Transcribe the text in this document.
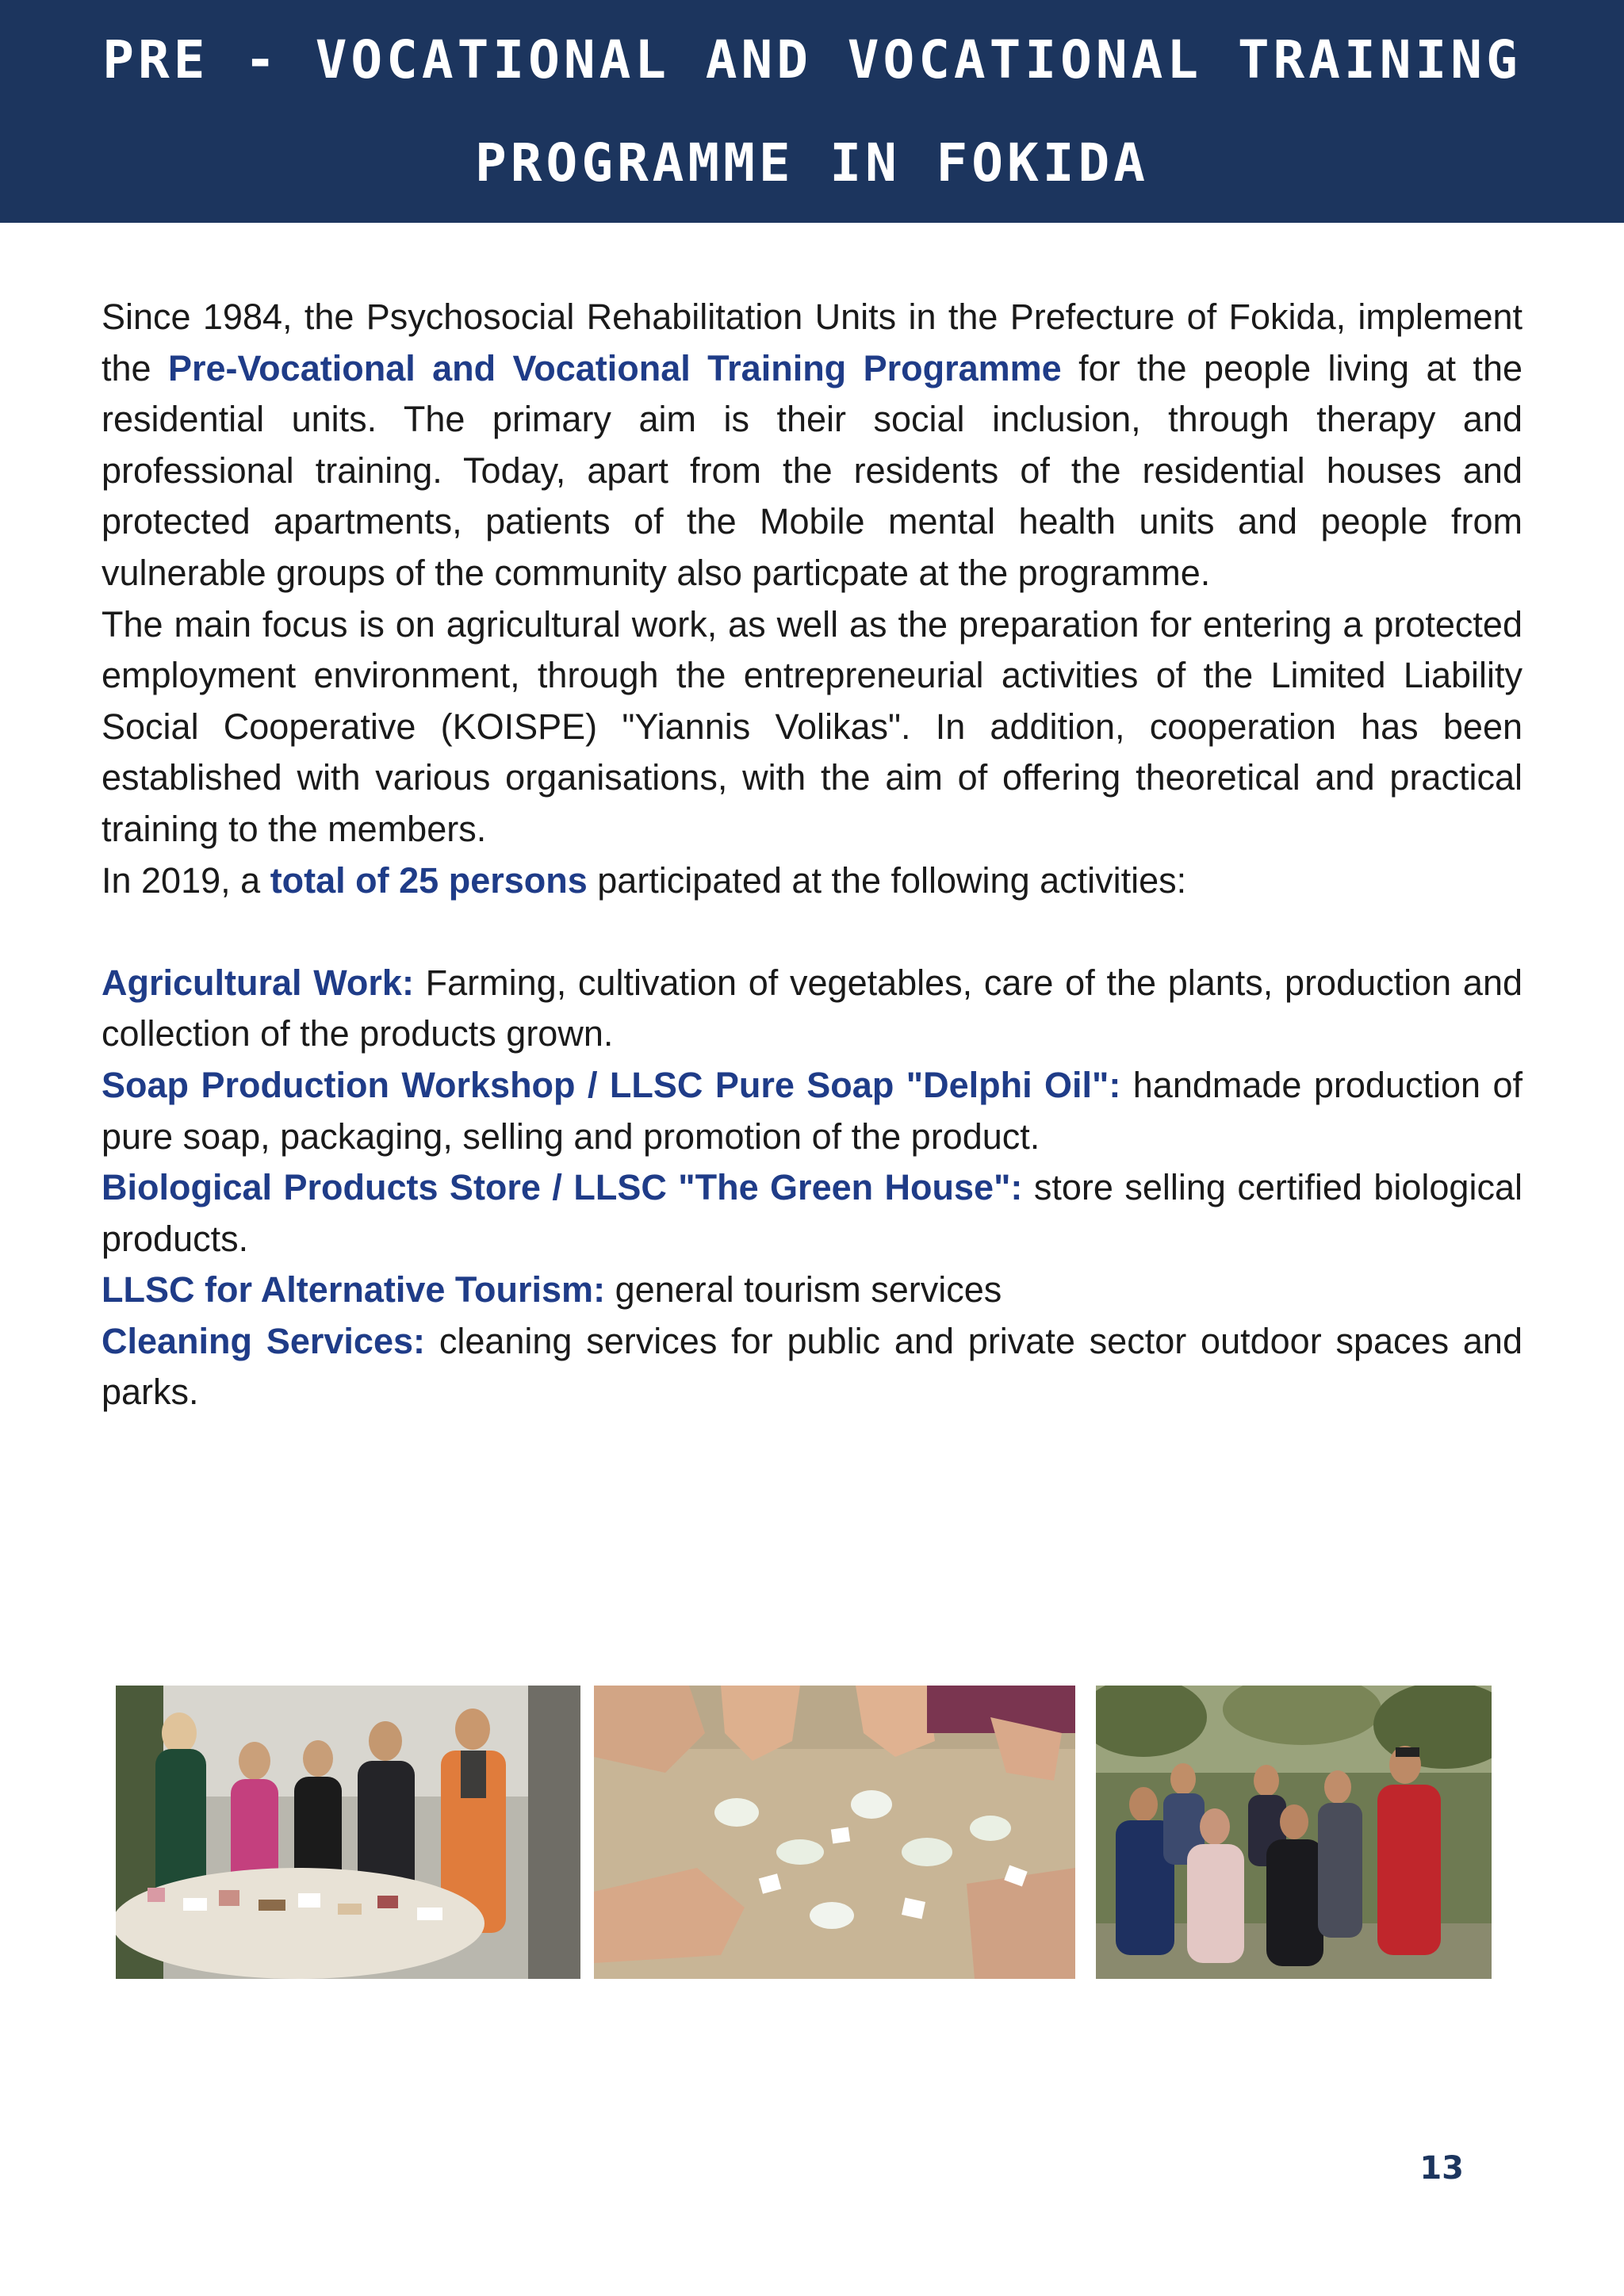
PRE - VOCATIONAL AND VOCATIONAL TRAINING
PROGRAMME IN FOKIDA

Since 1984, the Psychosocial Rehabilitation Units in the Prefecture of Fokida, implement the Pre-Vocational and Vocational Training Programme for the people living at the residential units. The primary aim is their social inclusion, through therapy and professional training. Today, apart from the residents of the residential houses and protected apartments, patients of the Mobile mental health units and people from vulnerable groups of the community also particpate at the programme.

The main focus is on agricultural work, as well as the preparation for entering a protected employment environment, through the entrepreneurial activities of the Limited Liability Social Cooperative (KOISPE) "Yiannis Volikas". In addition, cooperation has been established with various organisations, with the aim of offering theoretical and practical training to the members.

In 2019, a total of 25 persons participated at the following activities:

Agricultural Work: Farming, cultivation of vegetables, care of the plants, production and collection of the products grown.

Soap Production Workshop / LLSC Pure Soap "Delphi Oil": handmade production of pure soap, packaging, selling and promotion of the product.

Biological Products Store / LLSC "The Green House": store selling certified biological products.

LLSC for Alternative Tourism: general tourism services

Cleaning Services: cleaning services for public and private sector outdoor spaces and parks.

13
